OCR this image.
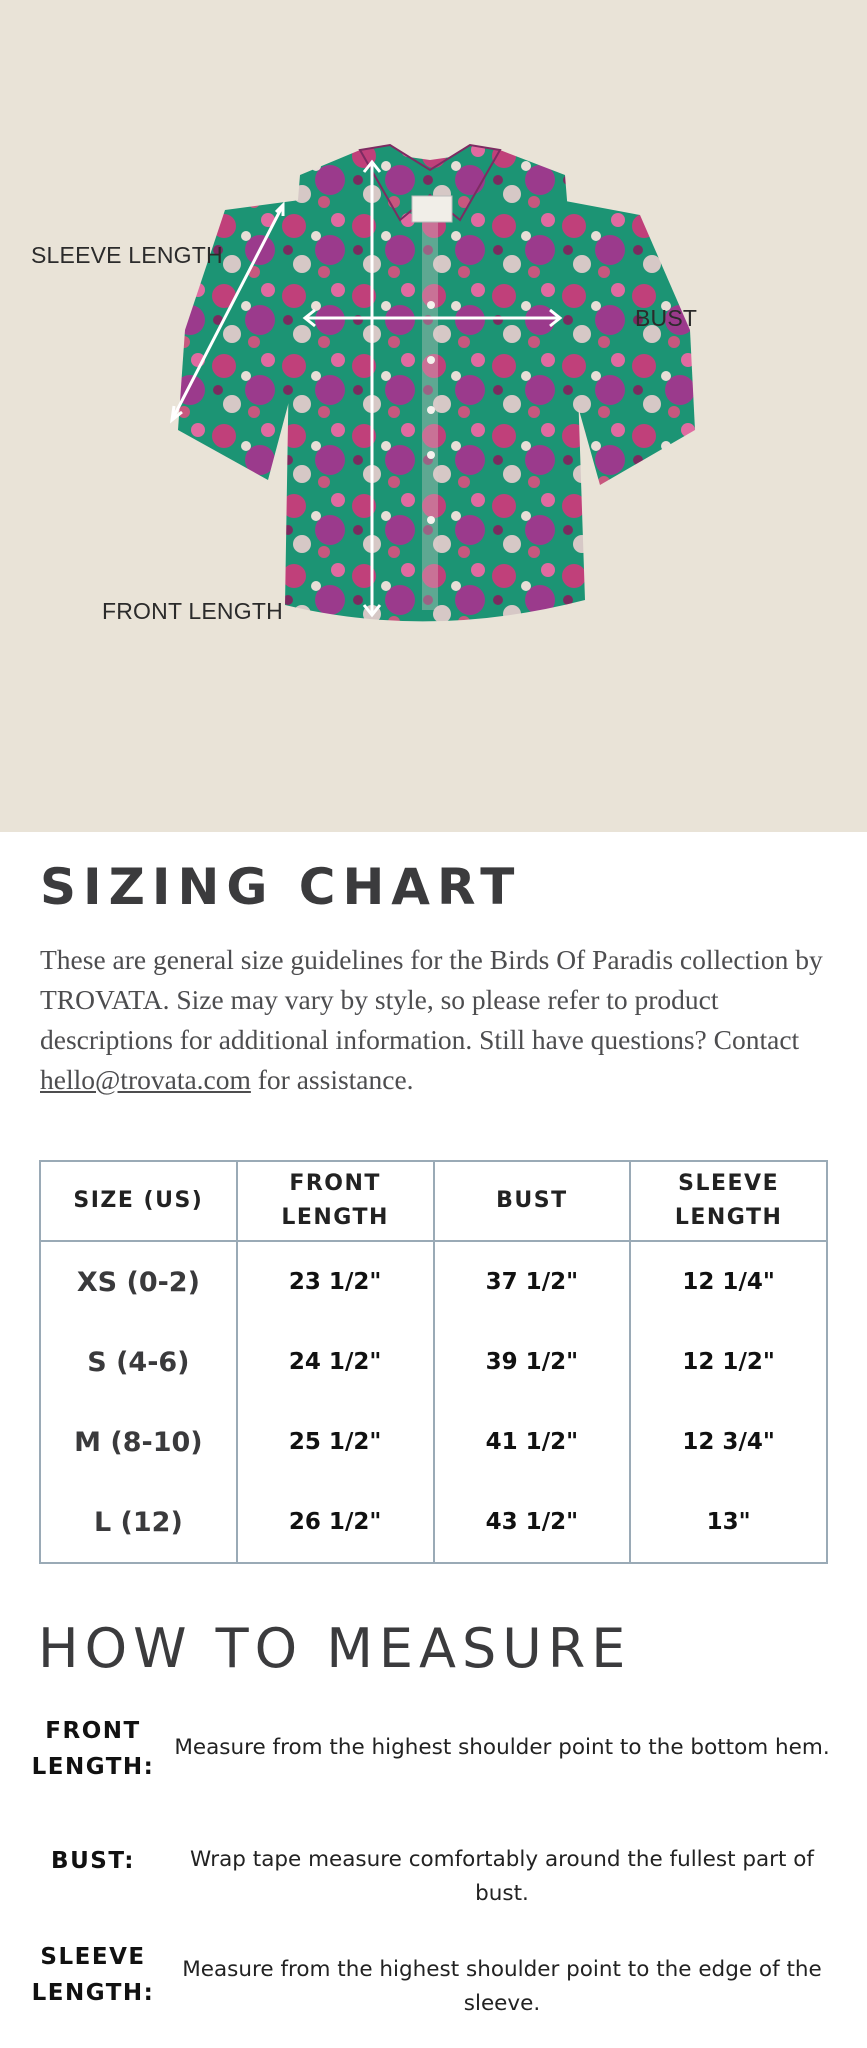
SLEEVE LENGTH
BUST
FRONT LENGTH
SIZING CHART

These are general size guidelines for the Birds Of Paradis collection by TROVATA. Size may vary by style, so please refer to product descriptions for additional information. Still have questions? Contact hello@trovata.com for assistance.

SIZE (US)	FRONT LENGTH	BUST	SLEEVE LENGTH
XS (0-2)	23 1/2"	37 1/2"	12 1/4"
S (4-6)	24 1/2"	39 1/2"	12 1/2"
M (8-10)	25 1/2"	41 1/2"	12 3/4"
L (12)	26 1/2"	43 1/2"	13"
HOW TO MEASURE
FRONT LENGTH:
Measure from the highest shoulder point to the bottom hem.
BUST:	Wrap tape measure comfortably around the fullest part of bust.
SLEEVE LENGTH:
Measure from the highest shoulder point to the edge of the sleeve.
